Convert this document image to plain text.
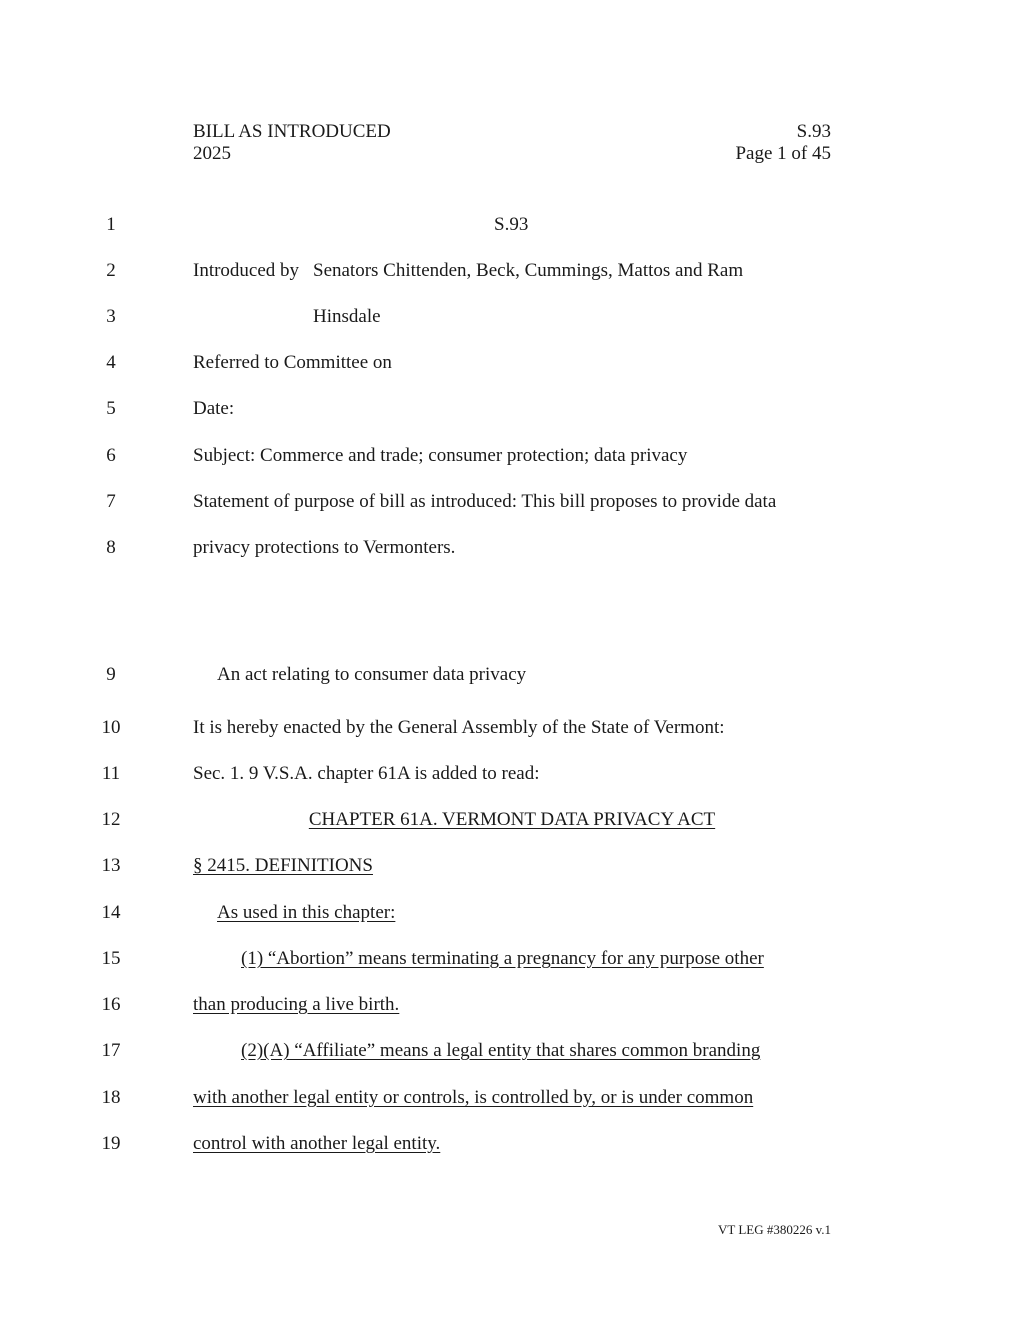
BILL AS INTRODUCED
2025
S.93
Page 1 of 45
1	S.93
2	Introduced by Senators Chittenden, Beck, Cummings, Mattos and Ram
3	Hinsdale
4	Referred to Committee on
5	Date:
6	Subject: Commerce and trade; consumer protection; data privacy
7	Statement of purpose of bill as introduced: This bill proposes to provide data
8	privacy protections to Vermonters.
9	An act relating to consumer data privacy
10	It is hereby enacted by the General Assembly of the State of Vermont:
11	Sec. 1. 9 V.S.A. chapter 61A is added to read:
12	CHAPTER 61A. VERMONT DATA PRIVACY ACT
13	§ 2415. DEFINITIONS
14	As used in this chapter:
15	(1) “Abortion” means terminating a pregnancy for any purpose other
16	than producing a live birth.
17	(2)(A) “Affiliate” means a legal entity that shares common branding
18	with another legal entity or controls, is controlled by, or is under common
19	control with another legal entity.
VT LEG #380226 v.1
